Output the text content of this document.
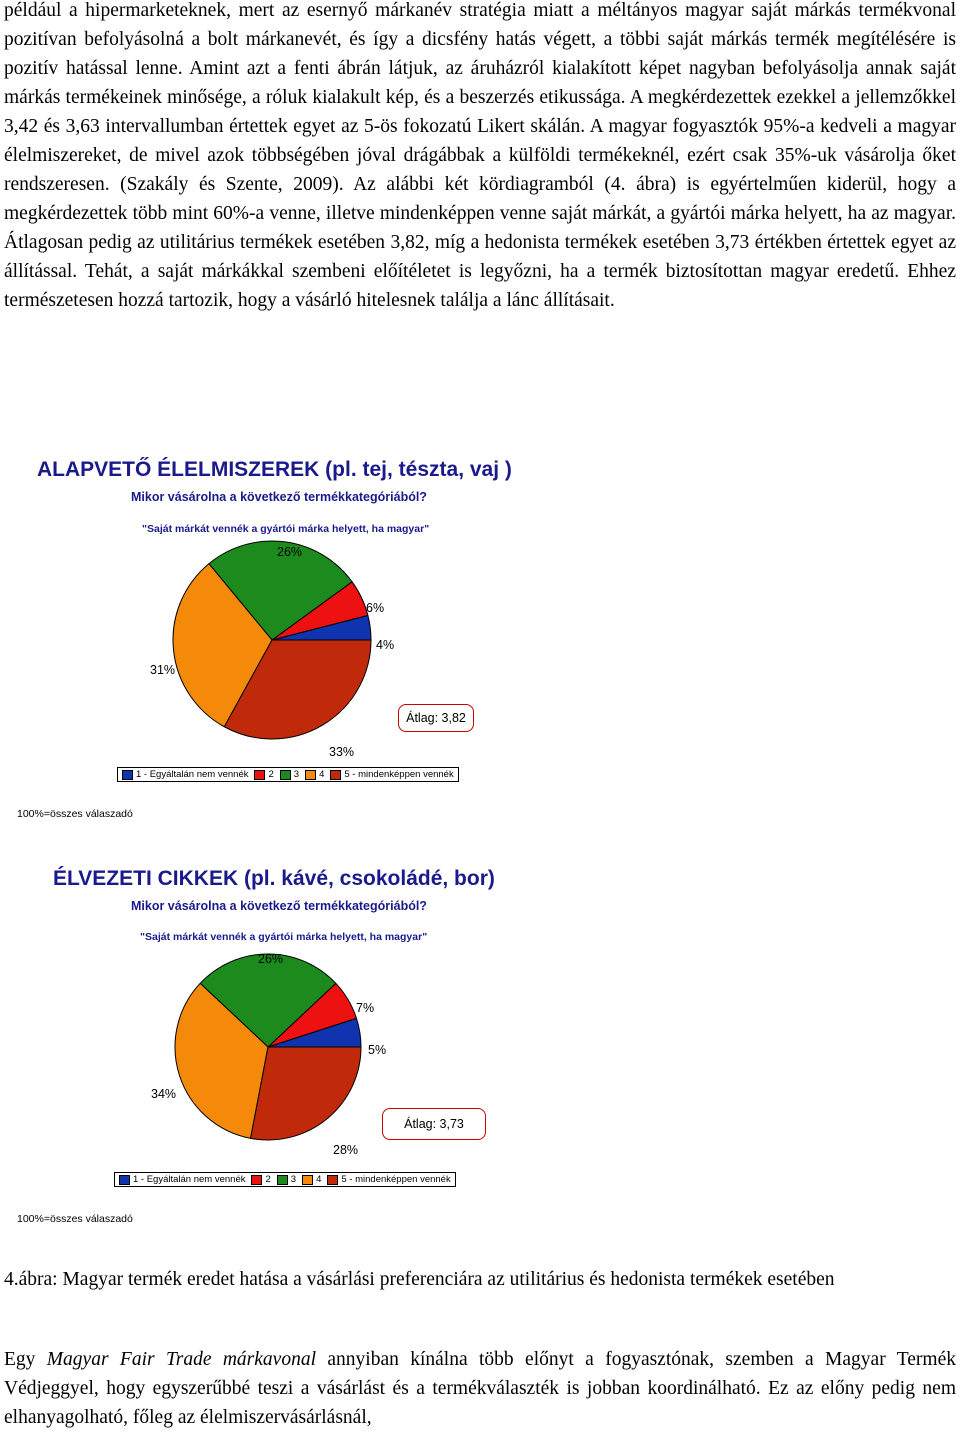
például a hipermarketeknek, mert az esernyő márkanév stratégia miatt a méltányos magyar saját márkás termékvonal pozitívan befolyásolná a bolt márkanevét, és így a dicsfény hatás végett, a többi saját márkás termék megítélésére is pozitív hatással lenne. Amint azt a fenti ábrán látjuk, az áruházról kialakított képet nagyban befolyásolja annak saját márkás termékeinek minősége, a róluk kialakult kép, és a beszerzés etikussága. A megkérdezettek ezekkel a jellemzőkkel 3,42 és 3,63 intervallumban értettek egyet az 5-ös fokozatú Likert skálán. A magyar fogyasztók 95%-a kedveli a magyar élelmiszereket, de mivel azok többségében jóval drágábbak a külföldi termékeknél, ezért csak 35%-uk vásárolja őket rendszeresen. (Szakály és Szente, 2009). Az alábbi két kördiagramból (4. ábra) is egyértelműen kiderül, hogy a megkérdezettek több mint 60%-a venne, illetve mindenképpen venne saját márkát, a gyártói márka helyett, ha az magyar. Átlagosan pedig az utilitárius termékek esetében 3,82, míg a hedonista termékek esetében 3,73 értékben értettek egyet az állítással. Tehát, a saját márkákkal szembeni előítéletet is legyőzni, ha a termék biztosítottan magyar eredetű. Ehhez természetesen hozzá tartozik, hogy a vásárló hitelesnek találja a lánc állításait.

ALAPVETŐ ÉLELMISZEREK (pl. tej, tészta, vaj )
Mikor vásárolna a következő termékkategóriából?
"Saját márkát vennék a gyártói márka helyett, ha magyar"
26%
6%
4%
31%
33%
Átlag: 3,82
1 - Egyáltalán nem vennék 2 3 4 5 - mindenképpen vennék
100%=összes válaszadó
ÉLVEZETI CIKKEK (pl. kávé, csokoládé, bor)
Mikor vásárolna a következő termékkategóriából?
"Saját márkát vennék a gyártói márka helyett, ha magyar"
26%
7%
5%
34%
28%
Átlag: 3,73
1 - Egyáltalán nem vennék 2 3 4 5 - mindenképpen vennék
100%=összes válaszadó

4.ábra: Magyar termék eredet hatása a vásárlási preferenciára az utilitárius és hedonista termékek esetében

Egy Magyar Fair Trade márkavonal annyiban kínálna több előnyt a fogyasztónak, szemben a Magyar Termék Védjeggyel, hogy egyszerűbbé teszi a vásárlást és a termékválaszték is jobban koordinálható. Ez az előny pedig nem elhanyagolható, főleg az élelmiszervásárlásnál,
